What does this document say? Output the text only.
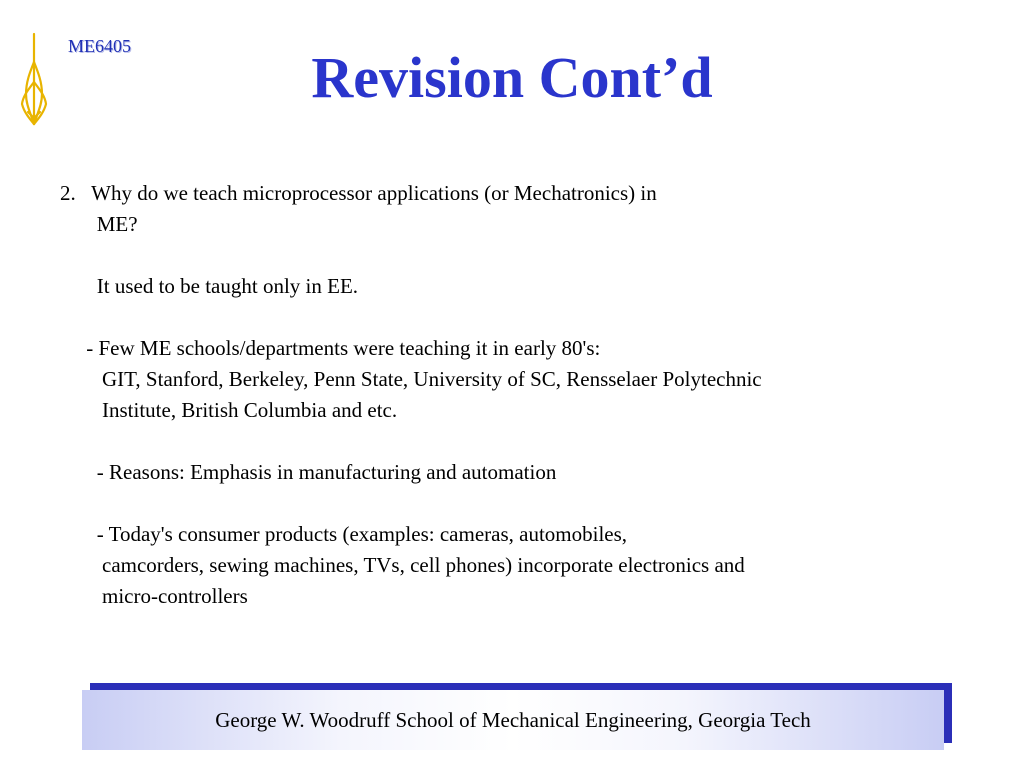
ME6405	Revision Cont’d
2.   Why do we teach microprocessor applications (or Mechatronics) in
ME?
It used to be taught only in EE.
- Few ME schools/departments were teaching it in early 80's:
GIT, Stanford, Berkeley, Penn State, University of SC, Rensselaer Polytechnic
Institute, British Columbia and etc.
- Reasons: Emphasis in manufacturing and automation
- Today's consumer products (examples: cameras, automobiles,
camcorders, sewing machines, TVs, cell phones) incorporate electronics and
micro-controllers
George W. Woodruff School of Mechanical Engineering, Georgia Tech
